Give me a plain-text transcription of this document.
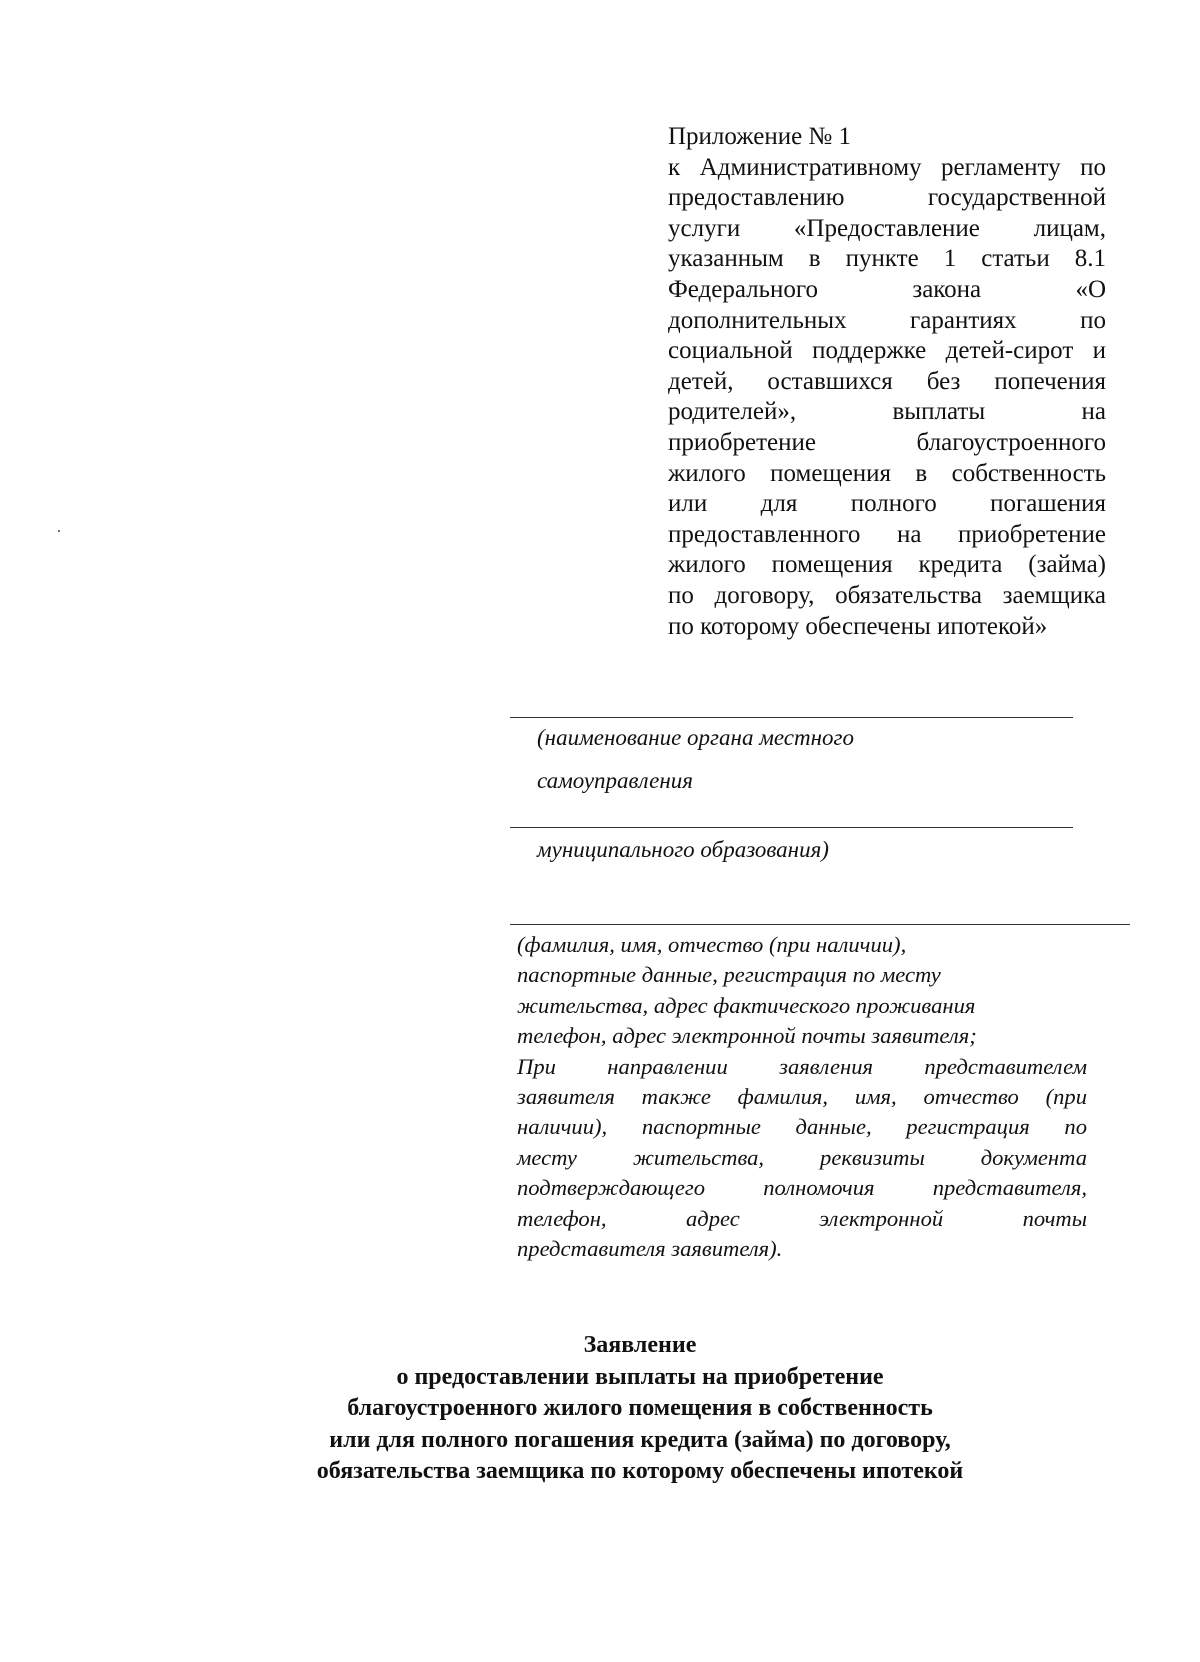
Приложение № 1
к Административному регламенту по
предоставлению государственной
услуги «Предоставление лицам,
указанным в пункте 1 статьи 8.1
Федерального закона «О
дополнительных гарантиях по
социальной поддержке детей-сирот и
детей, оставшихся без попечения
родителей», выплаты на
приобретение благоустроенного
жилого помещения в собственность
или для полного погашения
предоставленного на приобретение
жилого помещения кредита (займа)
по договору, обязательства заемщика
по которому обеспечены ипотекой»
(наименование органа местного
самоуправления
муниципального образования)
(фамилия, имя, отчество (при наличии),
паспортные данные, регистрация по месту
жительства, адрес фактического проживания
телефон, адрес электронной почты заявителя;
При направлении заявления представителем
заявителя также фамилия, имя, отчество (при
наличии), паспортные данные, регистрация по
месту жительства, реквизиты документа
подтверждающего полномочия представителя,
телефон, адрес электронной почты
представителя заявителя).
Заявление
о предоставлении выплаты на приобретение
благоустроенного жилого помещения в собственность
или для полного погашения кредита (займа) по договору,
обязательства заемщика по которому обеспечены ипотекой
